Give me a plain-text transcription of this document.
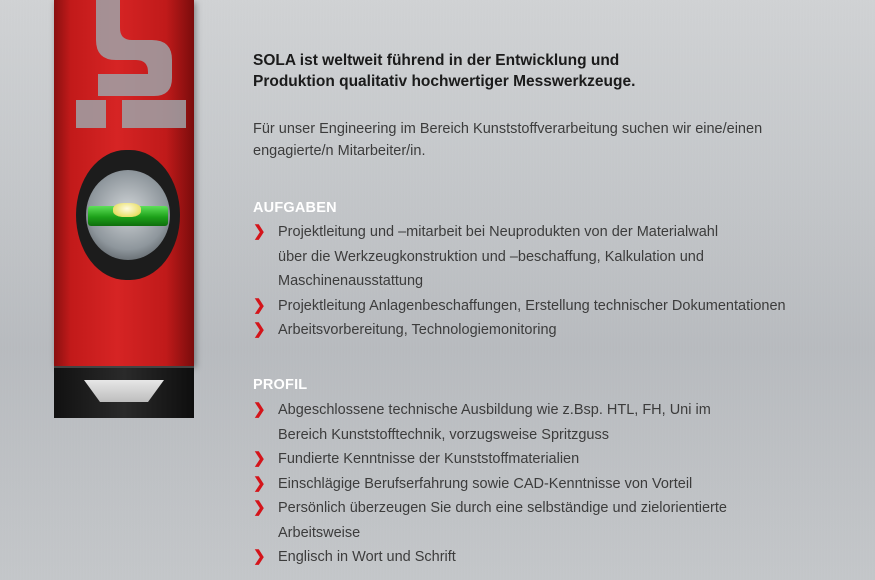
SOLA ist weltweit führend in der Entwicklung und
Produktion qualitativ hochwertiger Messwerkzeuge.

Für unser Engineering im Bereich Kunststoffverarbeitung suchen wir eine/einen
engagierte/n Mitarbeiter/in.

AUFGABEN
❯ Projektleitung und –mitarbeit bei Neuprodukten von der Materialwahl
über die Werkzeugkonstruktion und –beschaffung, Kalkulation und
Maschinenausstattung
❯ Projektleitung Anlagenbeschaffungen, Erstellung technischer Dokumentationen
❯ Arbeitsvorbereitung, Technologiemonitoring
PROFIL
❯ Abgeschlossene technische Ausbildung wie z.Bsp. HTL, FH, Uni im
Bereich Kunststofftechnik, vorzugsweise Spritzguss
❯ Fundierte Kenntnisse der Kunststoffmaterialien
❯ Einschlägige Berufserfahrung sowie CAD-Kenntnisse von Vorteil
❯ Persönlich überzeugen Sie durch eine selbständige und zielorientierte
Arbeitsweise
❯ Englisch in Wort und Schrift
